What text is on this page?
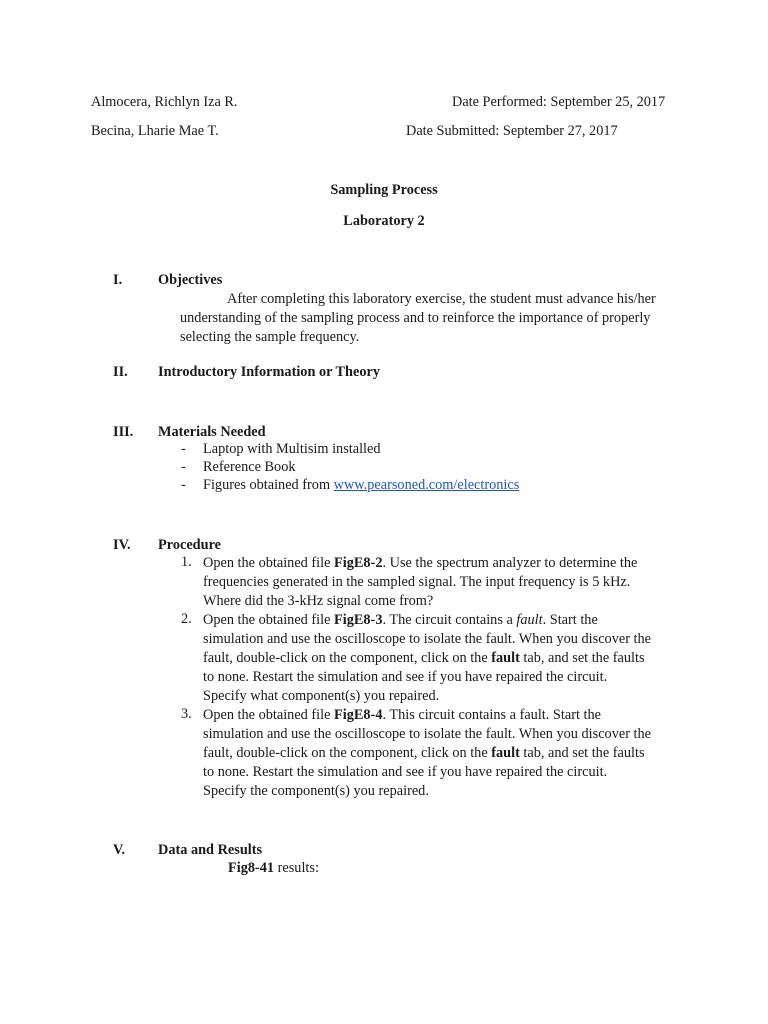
Almocera, Richlyn Iza R.	Date Performed: September 25, 2017
Becina, Lharie Mae T.	Date Submitted: September 27, 2017
Sampling Process
Laboratory 2
I.	Objectives
After completing this laboratory exercise, the student must advance his/her
understanding of the sampling process and to reinforce the importance of properly
selecting the sample frequency.
II. Introductory Information or Theory
III. Materials Needed
- Laptop with Multisim installed
- Reference Book
- Figures obtained from www.pearsoned.com/electronics
IV. Procedure
1. Open the obtained file FigE8-2. Use the spectrum analyzer to determine the
frequencies generated in the sampled signal. The input frequency is 5 kHz.
Where did the 3-kHz signal come from?
2. Open the obtained file FigE8-3. The circuit contains a fault. Start the
simulation and use the oscilloscope to isolate the fault. When you discover the
fault, double-click on the component, click on the fault tab, and set the faults
to none. Restart the simulation and see if you have repaired the circuit.
Specify what component(s) you repaired.
3. Open the obtained file FigE8-4. This circuit contains a fault. Start the
simulation and use the oscilloscope to isolate the fault. When you discover the
fault, double-click on the component, click on the fault tab, and set the faults
to none. Restart the simulation and see if you have repaired the circuit.
Specify the component(s) you repaired.
V. Data and Results
Fig8-41 results:
